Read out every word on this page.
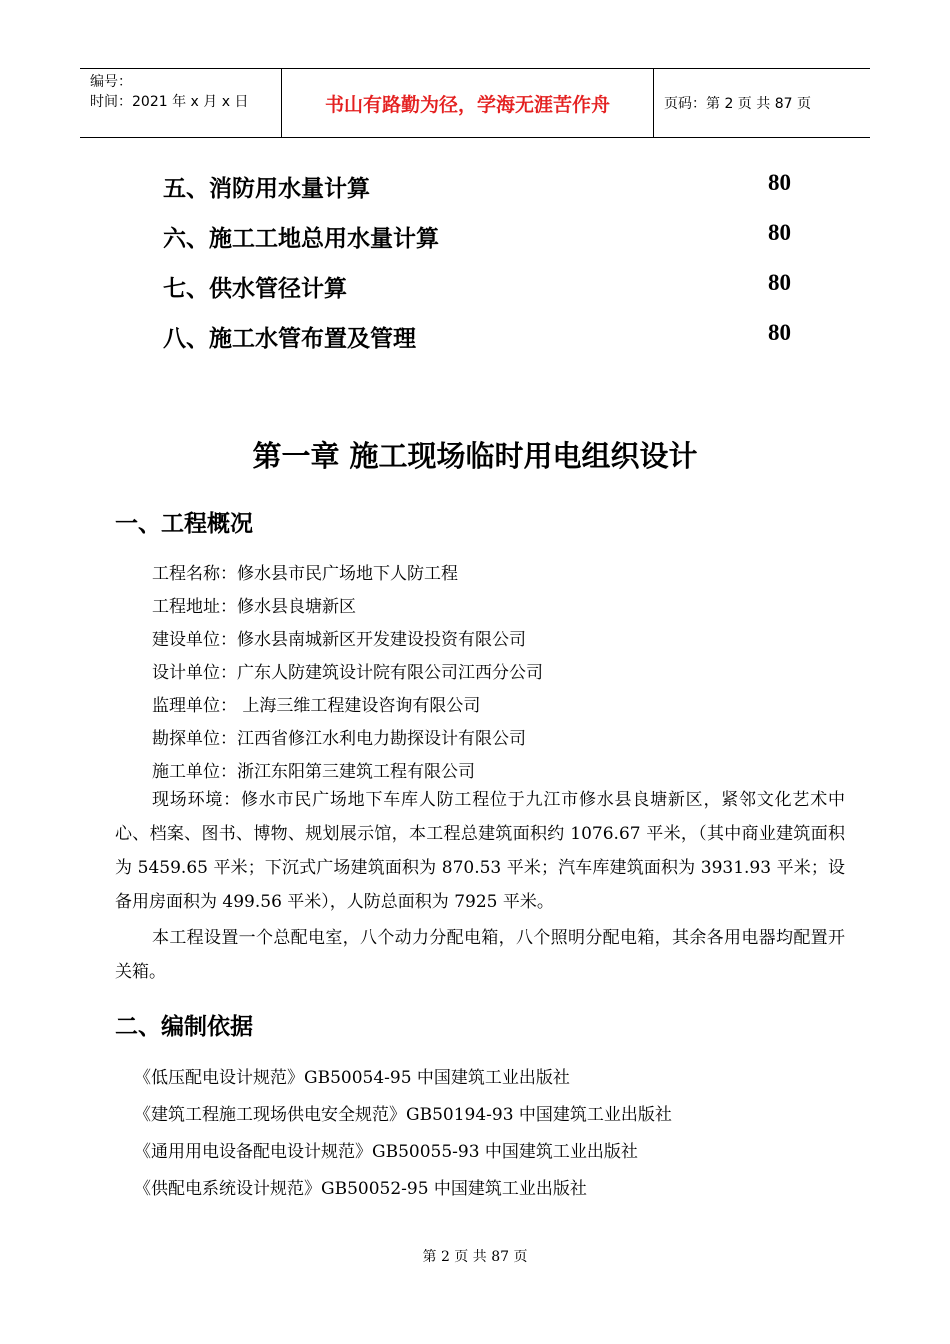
编号：
时间：2021 年 x 月 x 日	书山有路勤为径，学海无涯苦作舟	页码：第 2 页 共 87 页
五、消防用水量计算	80
六、施工工地总用水量计算	80
七、供水管径计算	80
八、施工水管布置及管理	80
第一章 施工现场临时用电组织设计
一、工程概况
工程名称：修水县市民广场地下人防工程
工程地址：修水县良塘新区
建设单位：修水县南城新区开发建设投资有限公司
设计单位：广东人防建筑设计院有限公司江西分公司
监理单位： 上海三维工程建设咨询有限公司
勘探单位：江西省修江水利电力勘探设计有限公司
施工单位：浙江东阳第三建筑工程有限公司
现场环境：修水市民广场地下车库人防工程位于九江市修水县良塘新区，紧邻文化艺术中心、档案、图书、博物、规划展示馆，本工程总建筑面积约 1076.67 平米，（其中商业建筑面积为 5459.65 平米；下沉式广场建筑面积为 870.53 平米；汽车库建筑面积为 3931.93 平米；设备用房面积为 499.56 平米），人防总面积为 7925 平米。
本工程设置一个总配电室，八个动力分配电箱，八个照明分配电箱，其余各用电器均配置开关箱。
二、编制依据
《低压配电设计规范》GB50054-95 中国建筑工业出版社
《建筑工程施工现场供电安全规范》GB50194-93 中国建筑工业出版社
《通用用电设备配电设计规范》GB50055-93 中国建筑工业出版社
《供配电系统设计规范》GB50052-95 中国建筑工业出版社
第 2 页 共 87 页
